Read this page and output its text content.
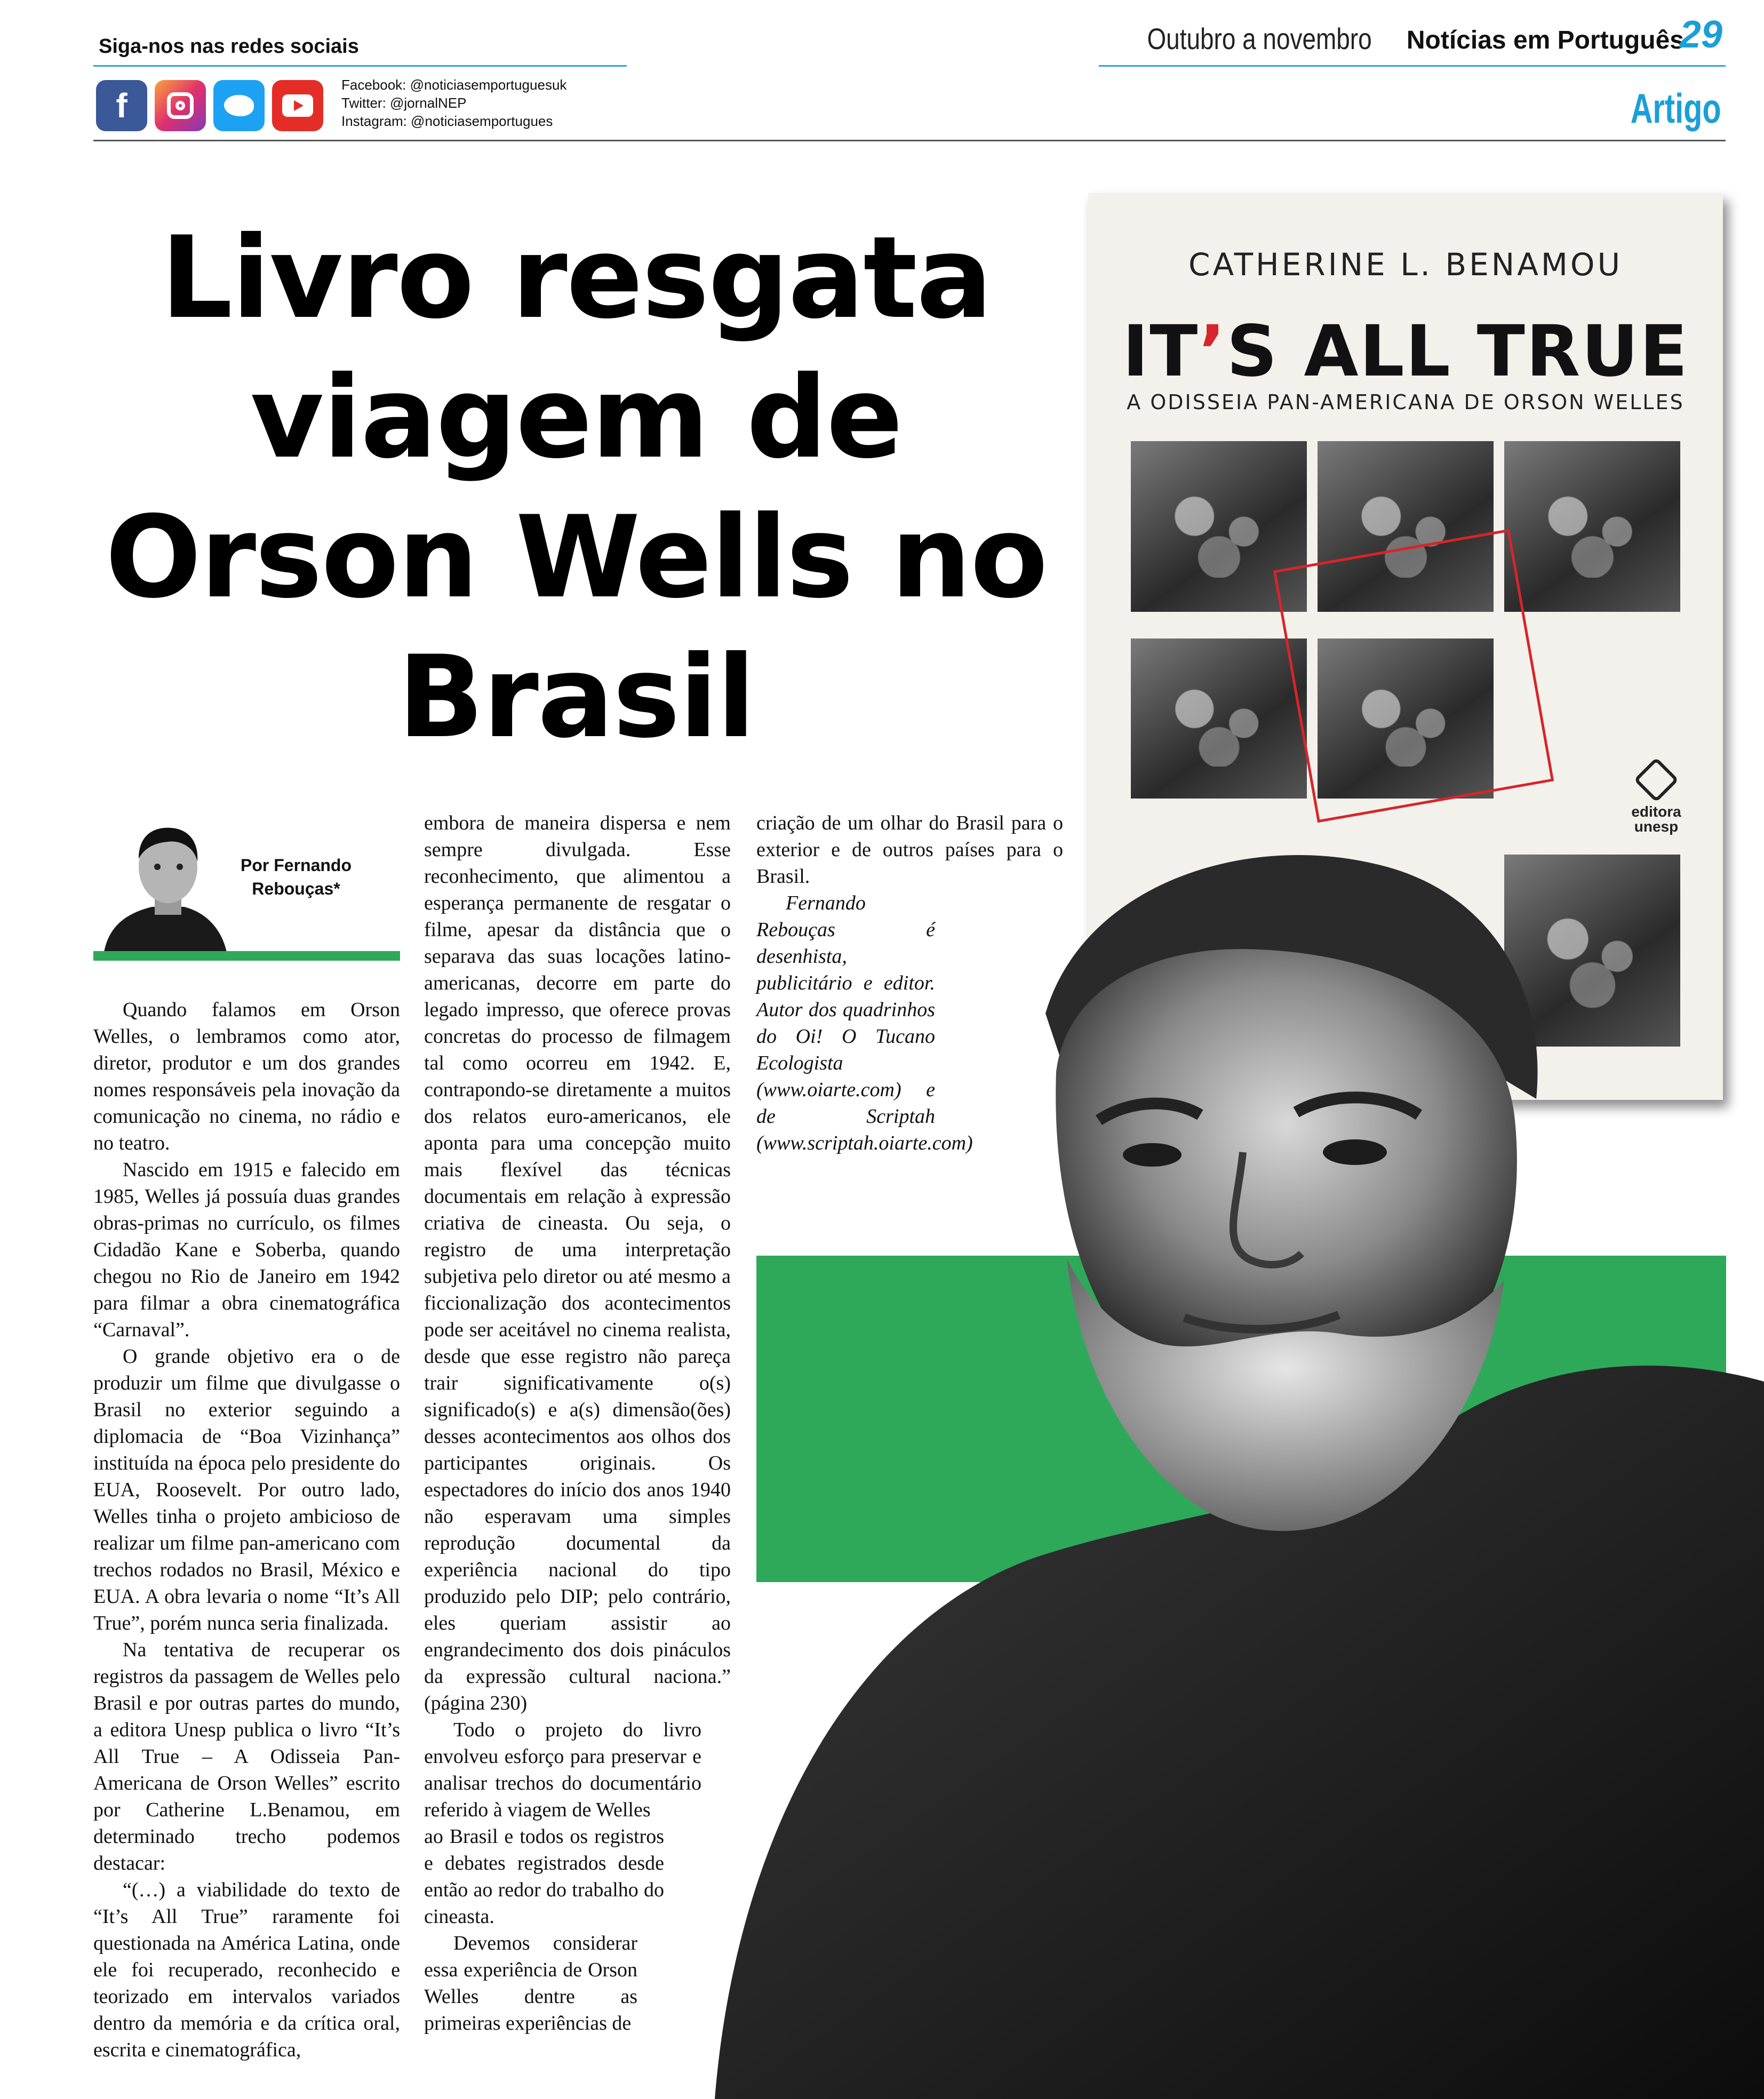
Siga-nos nas redes sociais
f
Facebook: @noticiasemportuguesuk
Twitter: @jornalNEP
Instagram: @noticiasemportugues
Outubro a novembro Notícias em Português
29
Artigo
Livro resgata viagem de Orson Wells no Brasil
CATHERINE L. BENAMOU
IT’S ALL TRUE
A ODISSEIA PAN-AMERICANA DE ORSON WELLES
editora
unesp
Por Fernando
Rebouças*

Quando falamos em Orson Welles, o lembramos como ator, diretor, produtor e um dos grandes nomes responsáveis pela inovação da comunicação no cinema, no rádio e no teatro.

Nascido em 1915 e falecido em 1985, Welles já possuía duas grandes obras-primas no currículo, os filmes Cidadão Kane e Soberba, quando chegou no Rio de Janeiro em 1942 para filmar a obra cinematográfica “Carnaval”.

O grande objetivo era o de produzir um filme que divulgasse o Brasil no exterior seguindo a diplomacia de “Boa Vizinhança” instituída na época pelo presidente do EUA, Roosevelt. Por outro lado, Welles tinha o projeto ambicioso de realizar um filme pan-americano com trechos rodados no Brasil, México e EUA. A obra levaria o nome “It’s All True”, porém nunca seria finalizada.

Na tentativa de recuperar os registros da passagem de Welles pelo Brasil e por outras partes do mundo, a editora Unesp publica o livro “It’s All True – A Odisseia Pan-Americana de Orson Welles” escrito por Catherine L.Benamou, em determinado trecho podemos destacar:

“(…) a viabilidade do texto de “It’s All True” raramente foi questionada na América Latina, onde ele foi recuperado, reconhecido e teorizado em intervalos variados dentro da memória e da crítica oral, escrita e cinematográfica,

embora de maneira dispersa e nem sempre divulgada. Esse reconhecimento, que alimentou a esperança permanente de resgatar o filme, apesar da distância que o separava das suas locações latino-americanas, decorre em parte do legado impresso, que oferece provas concretas do processo de filmagem tal como ocorreu em 1942. E, contrapondo-se diretamente a muitos dos relatos euro-americanos, ele aponta para uma concepção muito mais flexível das técnicas documentais em relação à expressão criativa de cineasta. Ou seja, o registro de uma interpretação subjetiva pelo diretor ou até mesmo a ficcionalização dos acontecimentos pode ser aceitável no cinema realista, desde que esse registro não pareça trair significativamente o(s) significado(s) e a(s) dimensão(ões) desses acontecimentos aos olhos dos participantes originais. Os espectadores do início dos anos 1940 não esperavam uma simples reprodução documental da experiência nacional do tipo produzido pelo DIP; pelo contrário, eles queriam assistir ao engrandecimento dos dois pináculos da expressão cultural naciona.” (página 230)

Todo o projeto do livro envolveu esforço para preservar e analisar trechos do documentário referido à viagem de Welles

ao Brasil e todos os registros e debates registrados desde então ao redor do trabalho do cineasta.

Devemos considerar essa experiência de Orson Welles dentre as primeiras experiências de

criação de um olhar do Brasil para o exterior e de outros países para o Brasil.

Fernando Rebouças é desenhista, publicitário e editor. Autor dos quadrinhos do Oi! O Tucano Ecologista (www.oiarte.com) e de Scriptah (www.scriptah.oiarte.com)
